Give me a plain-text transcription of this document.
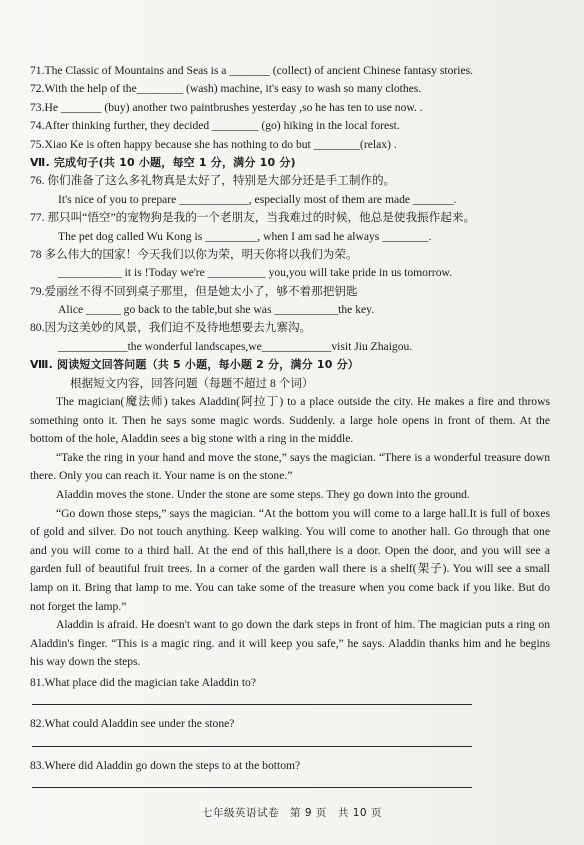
71.The Classic of Mountains and Seas is a _______ (collect) of ancient Chinese fantasy stories.
72.With the help of the________ (wash) machine, it's easy to wash so many clothes.
73.He _______ (buy) another two paintbrushes yesterday ,so he has ten to use now. .
74.After thinking further, they decided ________ (go) hiking in the local forest.
75.Xiao Ke is often happy because she has nothing to do but ________(relax) .
Ⅶ. 完成句子(共 10 小题，每空 1 分，满分 10 分)
76. 你们准备了这么多礼物真是太好了，特别是大部分还是手工制作的。
It's nice of you to prepare ____________, especially most of them are made _______.
77. 那只叫“悟空”的宠物狗是我的一个老朋友，当我难过的时候，他总是使我振作起来。
The pet dog called Wu Kong is _________, when I am sad he always ________.
78 多么伟大的国家！今天我们以你为荣，明天你将以我们为荣。
___________ it is !Today we're __________ you,you will take pride in us tomorrow.
79.爱丽丝不得不回到桌子那里，但是她太小了，够不着那把钥匙
Alice ______ go back to the table,but she was ___________the key.
80.因为这美妙的风景，我们迫不及待地想要去九寨沟。
____________the wonderful landscapes,we____________visit Jiu Zhaigou.
Ⅷ. 阅读短文回答问题（共 5 小题，每小题 2 分，满分 10 分）
根据短文内容，回答问题（每题不超过 8 个词）

The magician(魔法师) takes Aladdin(阿拉丁) to a place outside the city. He makes a fire and throws something onto it. Then he says some magic words. Suddenly. a large hole opens in front of them. At the bottom of the hole, Aladdin sees a big stone with a ring in the middle.

“Take the ring in your hand and move the stone,” says the magician. “There is a wonderful treasure down there. Only you can reach it. Your name is on the stone.”

Aladdin moves the stone. Under the stone are some steps. They go down into the ground.

“Go down those steps,” says the magician. “At the bottom you will come to a large hall.It is full of boxes of gold and silver. Do not touch anything. Keep walking. You will come to another hall. Go through that one and you will come to a third hall. At the end of this hall,there is a door. Open the door, and you will see a garden full of beautiful fruit trees. In a corner of the garden wall there is a shelf(架子). You will see a small lamp on it. Bring that lamp to me. You can take some of the treasure when you come back if you like. But do not forget the lamp.”

Aladdin is afraid. He doesn't want to go down the dark steps in front of him. The magician puts a ring on Aladdin's finger. “This is a magic ring. and it will keep you safe,” he says. Aladdin thanks him and he begins his way down the steps.

81.What place did the magician take Aladdin to?
82.What could Aladdin see under the stone?
83.Where did Aladdin go down the steps to at the bottom?
七年级英语试卷　第 9 页　共 10 页
